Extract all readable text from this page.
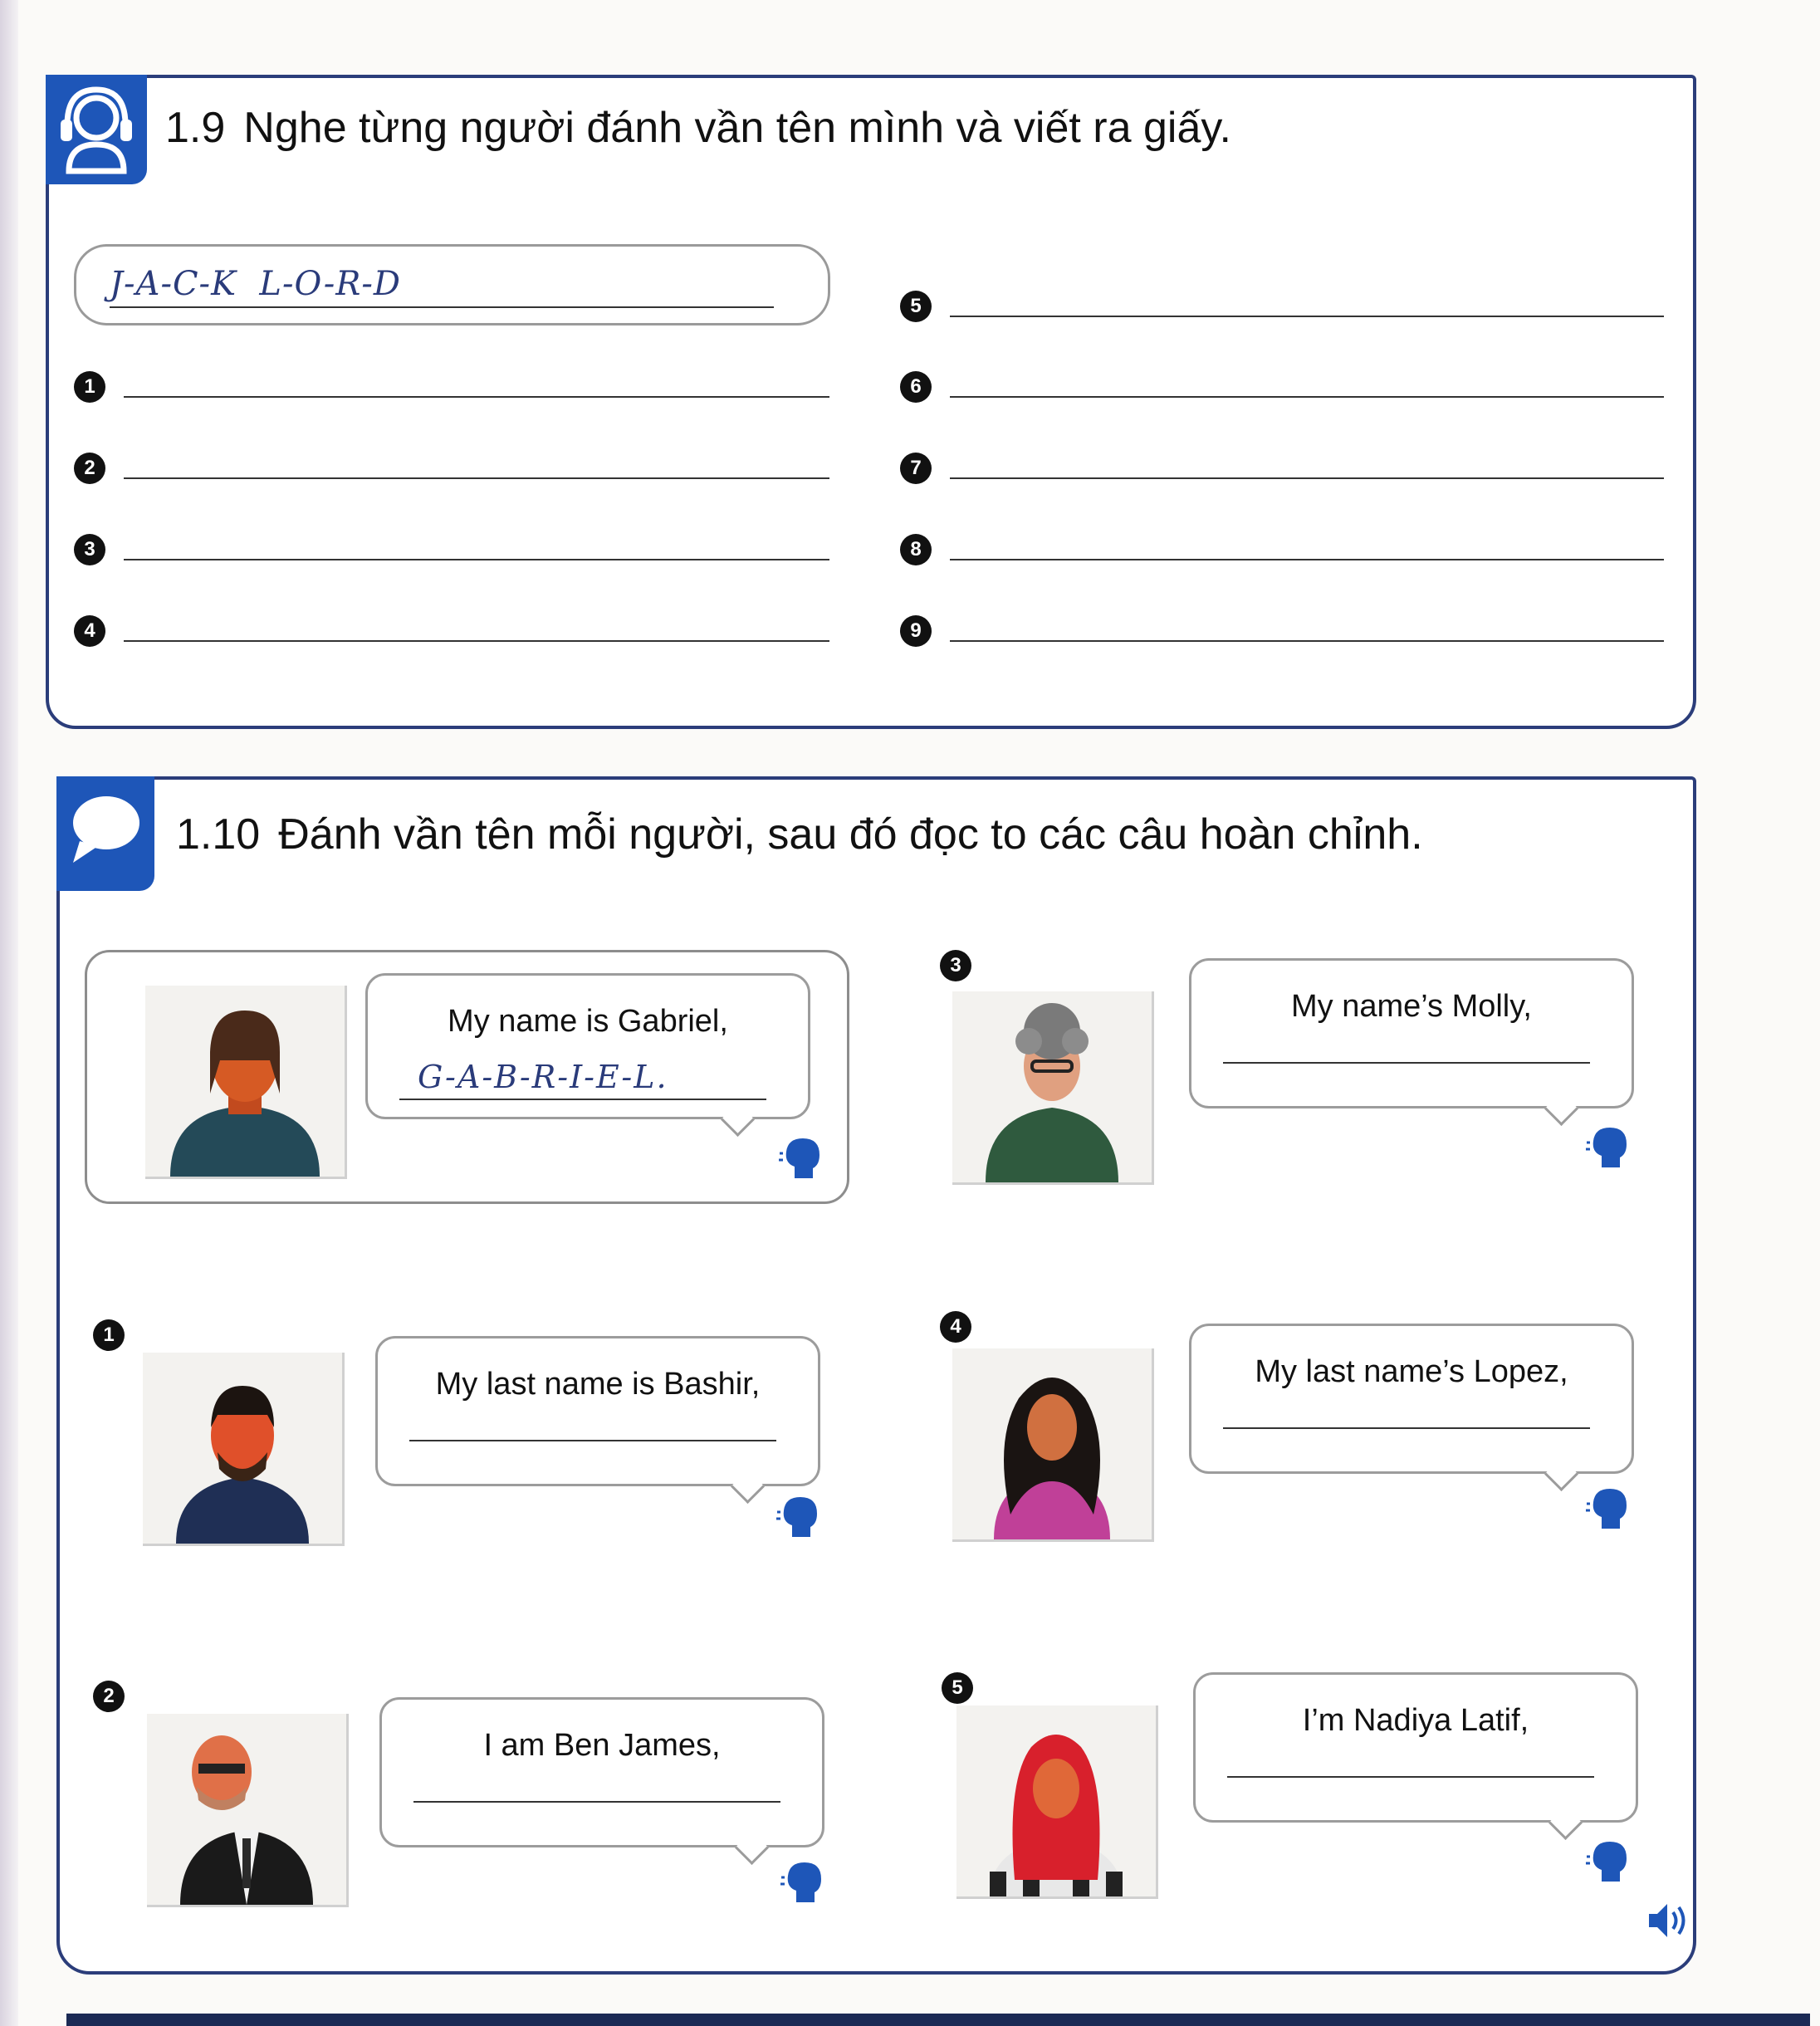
1.9 Nghe từng người đánh vần tên mình và viết ra giấy.
J-A-C-K  L-O-R-D
1
2
3
4
5
6
7
8
9
1.10 Đánh vần tên mỗi người, sau đó đọc to các câu hoàn chỉnh.
My name is Gabriel,
G-A-B-R-I-E-L.
1
My last name is Bashir,
2
I am Ben James,
3
My name’s Molly,
4
My last name’s Lopez,
5
I’m Nadiya Latif,
